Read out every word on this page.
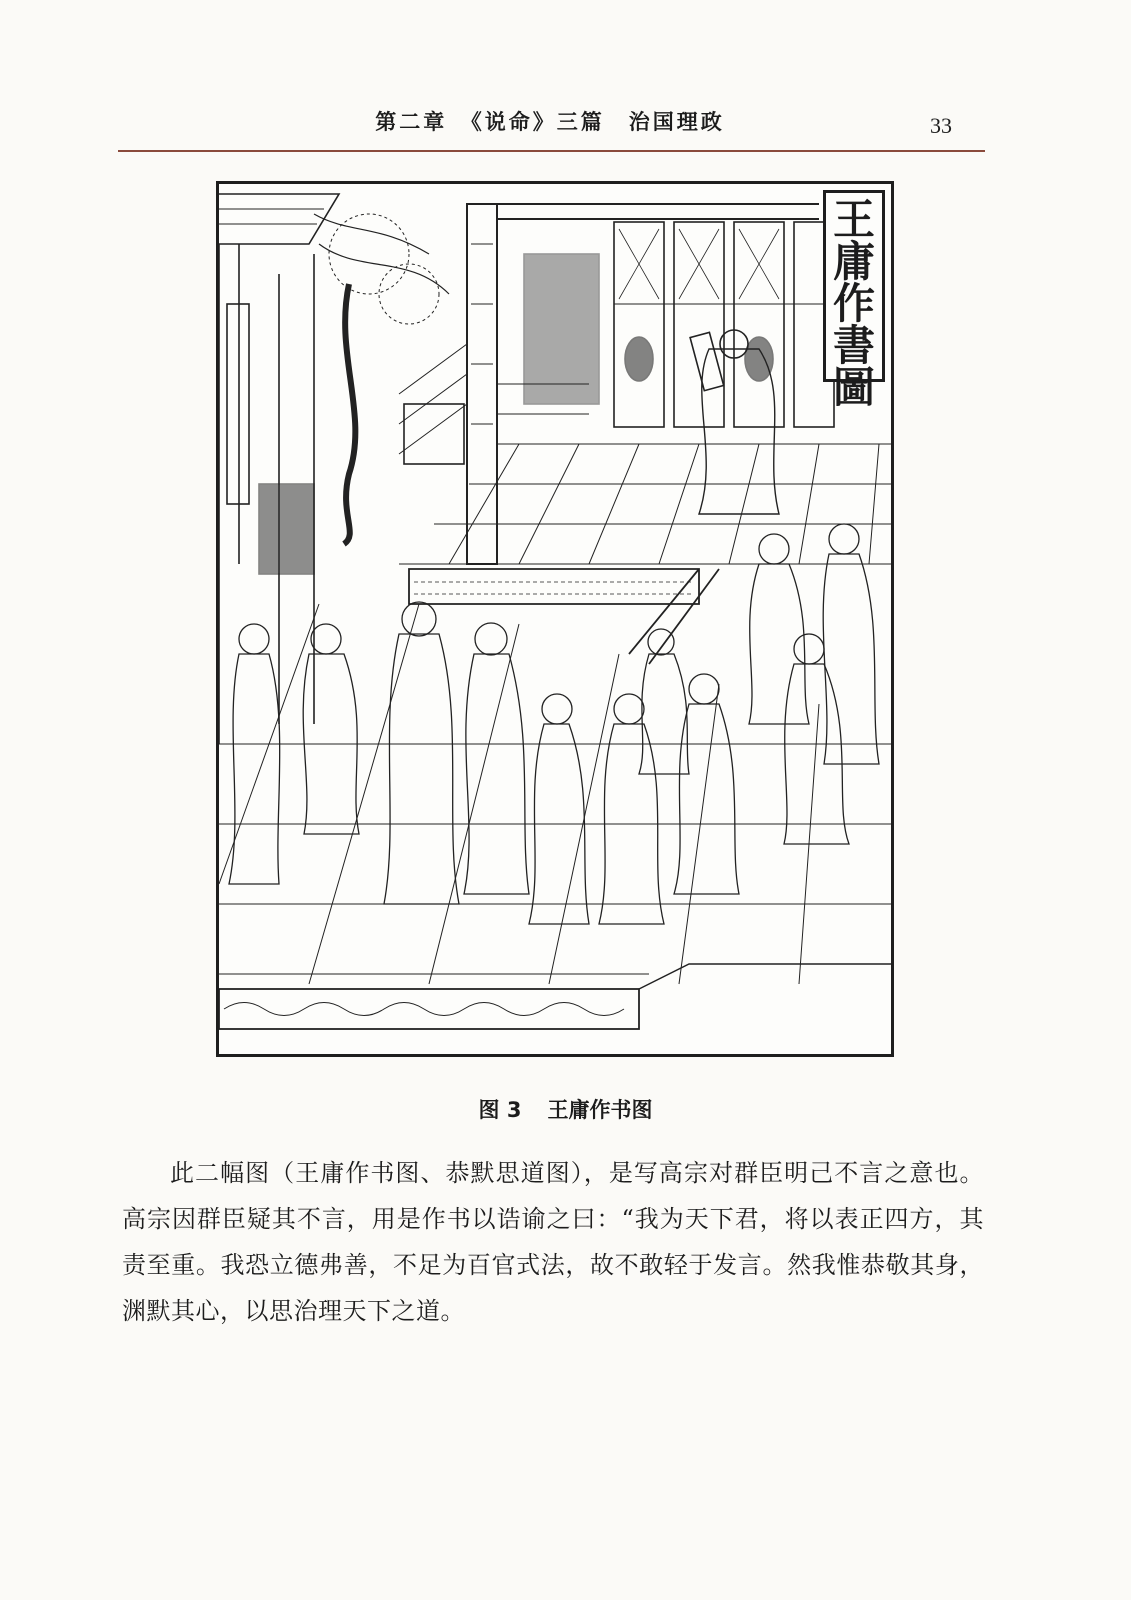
第二章　《说命》三篇　治国理政	33
王
庸
作
書
圖
图 3 王庸作书图

此二幅图（王庸作书图、恭默思道图），是写高宗对群臣明己不言之意也。高宗因群臣疑其不言，用是作书以诰谕之曰：“我为天下君，将以表正四方，其责至重。我恐立德弗善，不足为百官式法，故不敢轻于发言。然我惟恭敬其身，渊默其心，以思治理天下之道。
